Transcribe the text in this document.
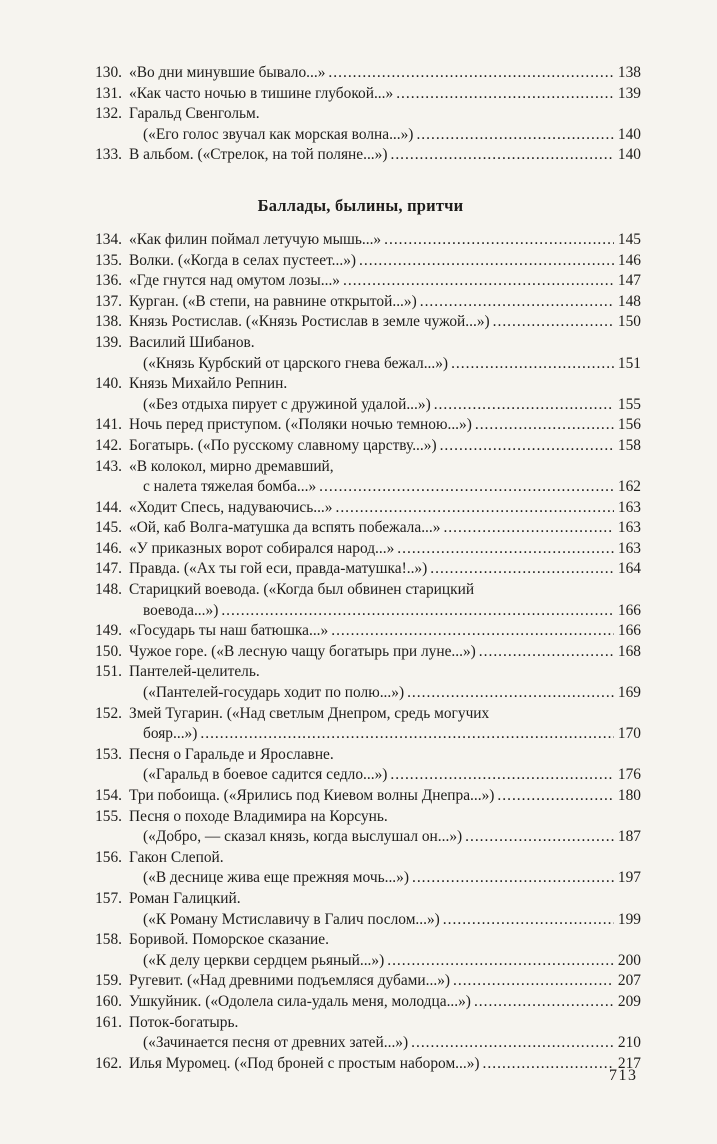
130. «Во дни минувшие бывало...» .....	138
131. «Как часто ночью в тишине глубокой...» .....	139
132. Гаральд Свенгольм.
(«Его голос звучал как морская волна...») .....	140
133. В альбом. («Стрелок, на той поляне...») .....	140
Баллады, былины, притчи
134. «Как филин поймал летучую мышь...» .....	145
135. Волки. («Когда в селах пустеет...») .....	146
136. «Где гнутся над омутом лозы...» .....	147
137. Курган. («В степи, на равнине открытой...») .....	148
138. Князь Ростислав. («Князь Ростислав в земле чужой...») .....	150
139. Василий Шибанов.
(«Князь Курбский от царского гнева бежал...») .....	151
140. Князь Михайло Репнин.
(«Без отдыха пирует с дружиной удалой...») .....	155
141. Ночь перед приступом. («Поляки ночью темною...») .....	156
142. Богатырь. («По русскому славному царству...») .....	158
143. «В колокол, мирно дремавший,
с налета тяжелая бомба...» .....	162
144. «Ходит Спесь, надуваючись...» .....	163
145. «Ой, каб Волга-матушка да вспять побежала...» .....	163
146. «У приказных ворот собирался народ...» .....	163
147. Правда. («Ах ты гой еси, правда-матушка!..») .....	164
148. Старицкий воевода. («Когда был обвинен старицкий
воевода...») .....	166
149. «Государь ты наш батюшка...» .....	166
150. Чужое горе. («В лесную чащу богатырь при луне...») .....	168
151. Пантелей-целитель.
(«Пантелей-государь ходит по полю...») .....	169
152. Змей Тугарин. («Над светлым Днепром, средь могучих
бояр...») .....	170
153. Песня о Гаральде и Ярославне.
(«Гаральд в боевое садится седло...») .....	176
154. Три побоища. («Ярились под Киевом волны Днепра...») .....	180
155. Песня о походе Владимира на Корсунь.
(«Добро, — сказал князь, когда выслушал он...») .....	187
156. Гакон Слепой.
(«В деснице жива еще прежняя мочь...») .....	197
157. Роман Галицкий.
(«К Роману Мстиславичу в Галич послом...») .....	199
158. Боривой. Поморское сказание.
(«К делу церкви сердцем рьяный...») .....	200
159. Ругевит. («Над древними подъемляся дубами...») .....	207
160. Ушкуйник. («Одолела сила-удаль меня, молодца...») .....	209
161. Поток-богатырь.
(«Зачинается песня от древних затей...») .....	210
162. Илья Муромец. («Под броней с простым набором...») .....	217
713
